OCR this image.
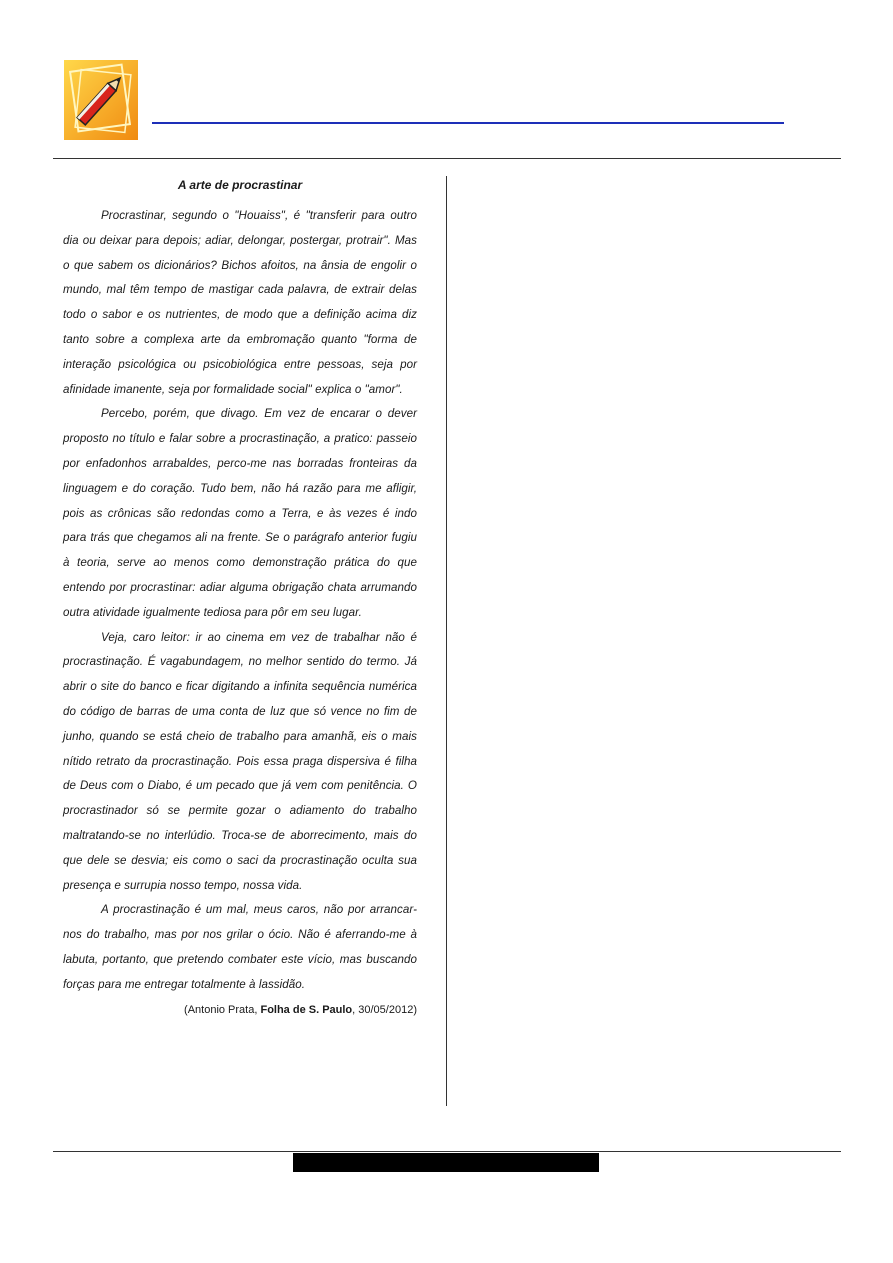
A arte de procrastinar

Procrastinar, segundo o "Houaiss", é "transferir para outro dia ou deixar para depois; adiar, delongar, postergar, protrair". Mas o que sabem os dicionários? Bichos afoitos, na ânsia de engolir o mundo, mal têm tempo de mastigar cada palavra, de extrair delas todo o sabor e os nutrientes, de modo que a definição acima diz tanto sobre a complexa arte da embromação quanto "forma de interação psicológica ou psicobiológica entre pessoas, seja por afinidade imanente, seja por formalidade social" explica o "amor".

Percebo, porém, que divago. Em vez de encarar o dever proposto no título e falar sobre a procrastinação, a pratico: passeio por enfadonhos arrabaldes, perco-me nas borradas fronteiras da linguagem e do coração. Tudo bem, não há razão para me afligir, pois as crônicas são redondas como a Terra, e às vezes é indo para trás que chegamos ali na frente. Se o parágrafo anterior fugiu à teoria, serve ao menos como demonstração prática do que entendo por procrastinar: adiar alguma obrigação chata arrumando outra atividade igualmente tediosa para pôr em seu lugar.

Veja, caro leitor: ir ao cinema em vez de trabalhar não é procrastinação. É vagabundagem, no melhor sentido do termo. Já abrir o site do banco e ficar digitando a infinita sequência numérica do código de barras de uma conta de luz que só vence no fim de junho, quando se está cheio de trabalho para amanhã, eis o mais nítido retrato da procrastinação. Pois essa praga dispersiva é filha de Deus com o Diabo, é um pecado que já vem com penitência. O procrastinador só se permite gozar o adiamento do trabalho maltratando-se no interlúdio. Troca-se de aborrecimento, mais do que dele se desvia; eis como o saci da procrastinação oculta sua presença e surrupia nosso tempo, nossa vida.

A procrastinação é um mal, meus caros, não por arrancar-nos do trabalho, mas por nos grilar o ócio. Não é aferrando-me à labuta, portanto, que pretendo combater este vício, mas buscando forças para me entregar totalmente à lassidão.

(Antonio Prata, Folha de S. Paulo, 30/05/2012)
